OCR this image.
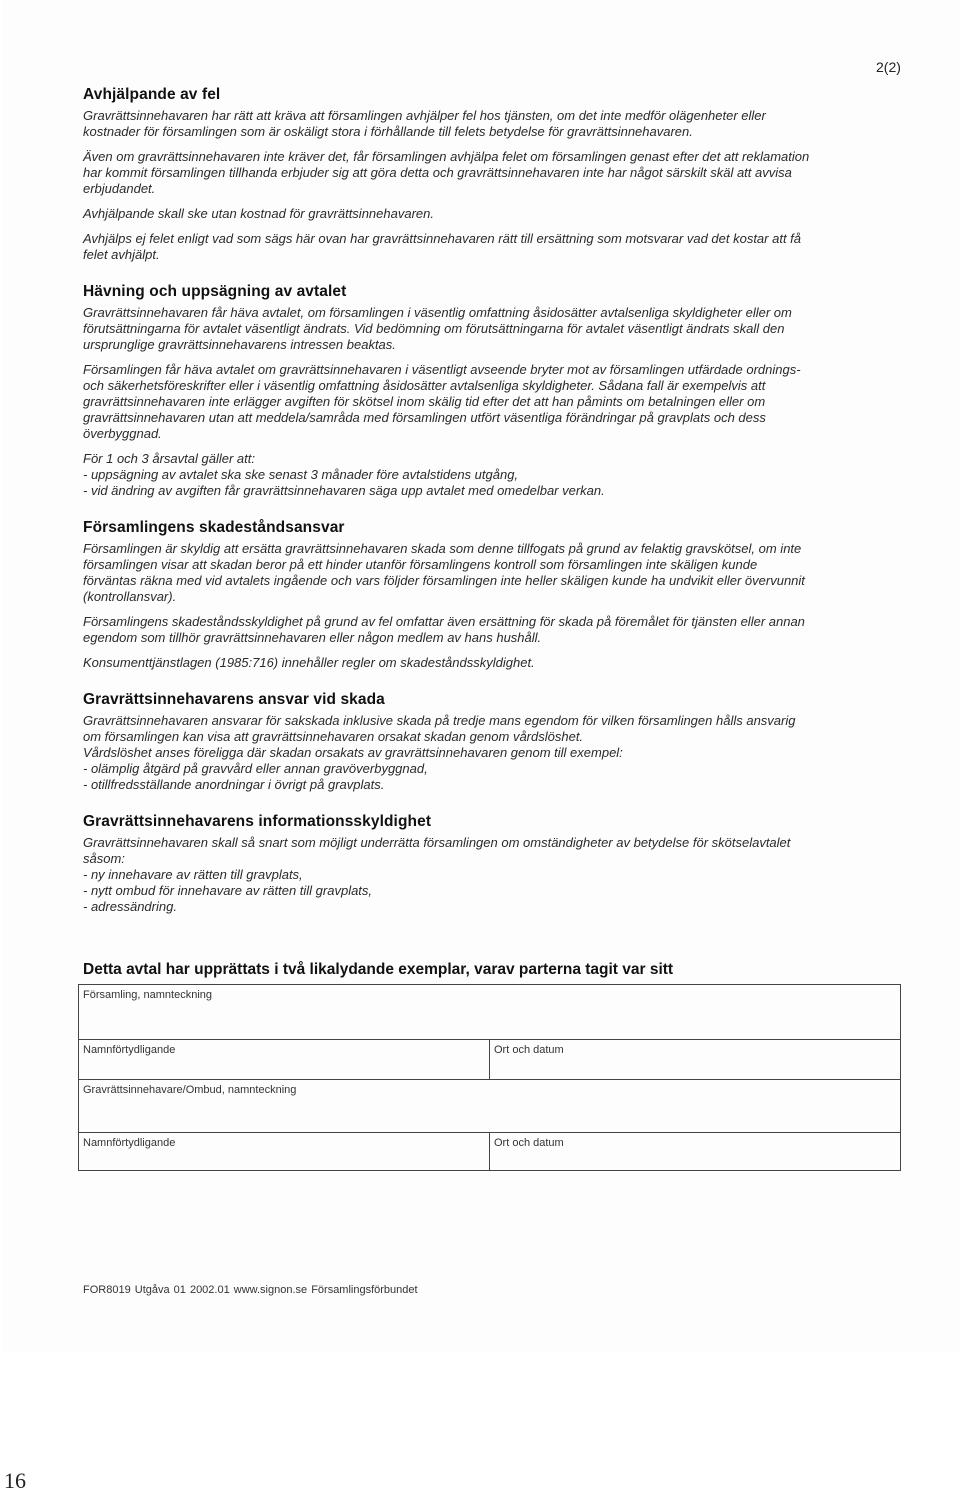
2(2)
Avhjälpande av fel

Gravrättsinnehavaren har rätt att kräva att församlingen avhjälper fel hos tjänsten, om det inte medför olägenheter eller
kostnader för församlingen som är oskäligt stora i förhållande till felets betydelse för gravrättsinnehavaren.

Även om gravrättsinnehavaren inte kräver det, får församlingen avhjälpa felet om församlingen genast efter det att reklamation
har kommit församlingen tillhanda erbjuder sig att göra detta och gravrättsinnehavaren inte har något särskilt skäl att avvisa
erbjudandet.

Avhjälpande skall ske utan kostnad för gravrättsinnehavaren.

Avhjälps ej felet enligt vad som sägs här ovan har gravrättsinnehavaren rätt till ersättning som motsvarar vad det kostar att få
felet avhjälpt.

Hävning och uppsägning av avtalet

Gravrättsinnehavaren får häva avtalet, om församlingen i väsentlig omfattning åsidosätter avtalsenliga skyldigheter eller om
förutsättningarna för avtalet väsentligt ändrats. Vid bedömning om förutsättningarna för avtalet väsentligt ändrats skall den
ursprunglige gravrättsinnehavarens intressen beaktas.

Församlingen får häva avtalet om gravrättsinnehavaren i väsentligt avseende bryter mot av församlingen utfärdade ordnings-
och säkerhetsföreskrifter eller i väsentlig omfattning åsidosätter avtalsenliga skyldigheter. Sådana fall är exempelvis att
gravrättsinnehavaren inte erlägger avgiften för skötsel inom skälig tid efter det att han påmints om betalningen eller om
gravrättsinnehavaren utan att meddela/samråda med församlingen utfört väsentliga förändringar på gravplats och dess
överbyggnad.

För 1 och 3 årsavtal gäller att:
- uppsägning av avtalet ska ske senast 3 månader före avtalstidens utgång,
- vid ändring av avgiften får gravrättsinnehavaren säga upp avtalet med omedelbar verkan.

Församlingens skadeståndsansvar

Församlingen är skyldig att ersätta gravrättsinnehavaren skada som denne tillfogats på grund av felaktig gravskötsel, om inte
församlingen visar att skadan beror på ett hinder utanför församlingens kontroll som församlingen inte skäligen kunde
förväntas räkna med vid avtalets ingående och vars följder församlingen inte heller skäligen kunde ha undvikit eller övervunnit
(kontrollansvar).

Församlingens skadeståndsskyldighet på grund av fel omfattar även ersättning för skada på föremålet för tjänsten eller annan
egendom som tillhör gravrättsinnehavaren eller någon medlem av hans hushåll.

Konsumenttjänstlagen (1985:716) innehåller regler om skadeståndsskyldighet.

Gravrättsinnehavarens ansvar vid skada

Gravrättsinnehavaren ansvarar för sakskada inklusive skada på tredje mans egendom för vilken församlingen hålls ansvarig
om församlingen kan visa att gravrättsinnehavaren orsakat skadan genom vårdslöshet.
Vårdslöshet anses föreligga där skadan orsakats av gravrättsinnehavaren genom till exempel:
- olämplig åtgärd på gravvård eller annan gravöverbyggnad,
- otillfredsställande anordningar i övrigt på gravplats.

Gravrättsinnehavarens informationsskyldighet

Gravrättsinnehavaren skall så snart som möjligt underrätta församlingen om omständigheter av betydelse för skötselavtalet
såsom:
- ny innehavare av rätten till gravplats,
- nytt ombud för innehavare av rätten till gravplats,
- adressändring.

Detta avtal har upprättats i två likalydande exemplar, varav parterna tagit var sitt
Församling, namnteckning
Namnförtydligande	Ort och datum
Gravrättsinnehavare/Ombud, namnteckning
Namnförtydligande	Ort och datum
FOR8019 Utgåva 01 2002.01 www.signon.se Församlingsförbundet
16
